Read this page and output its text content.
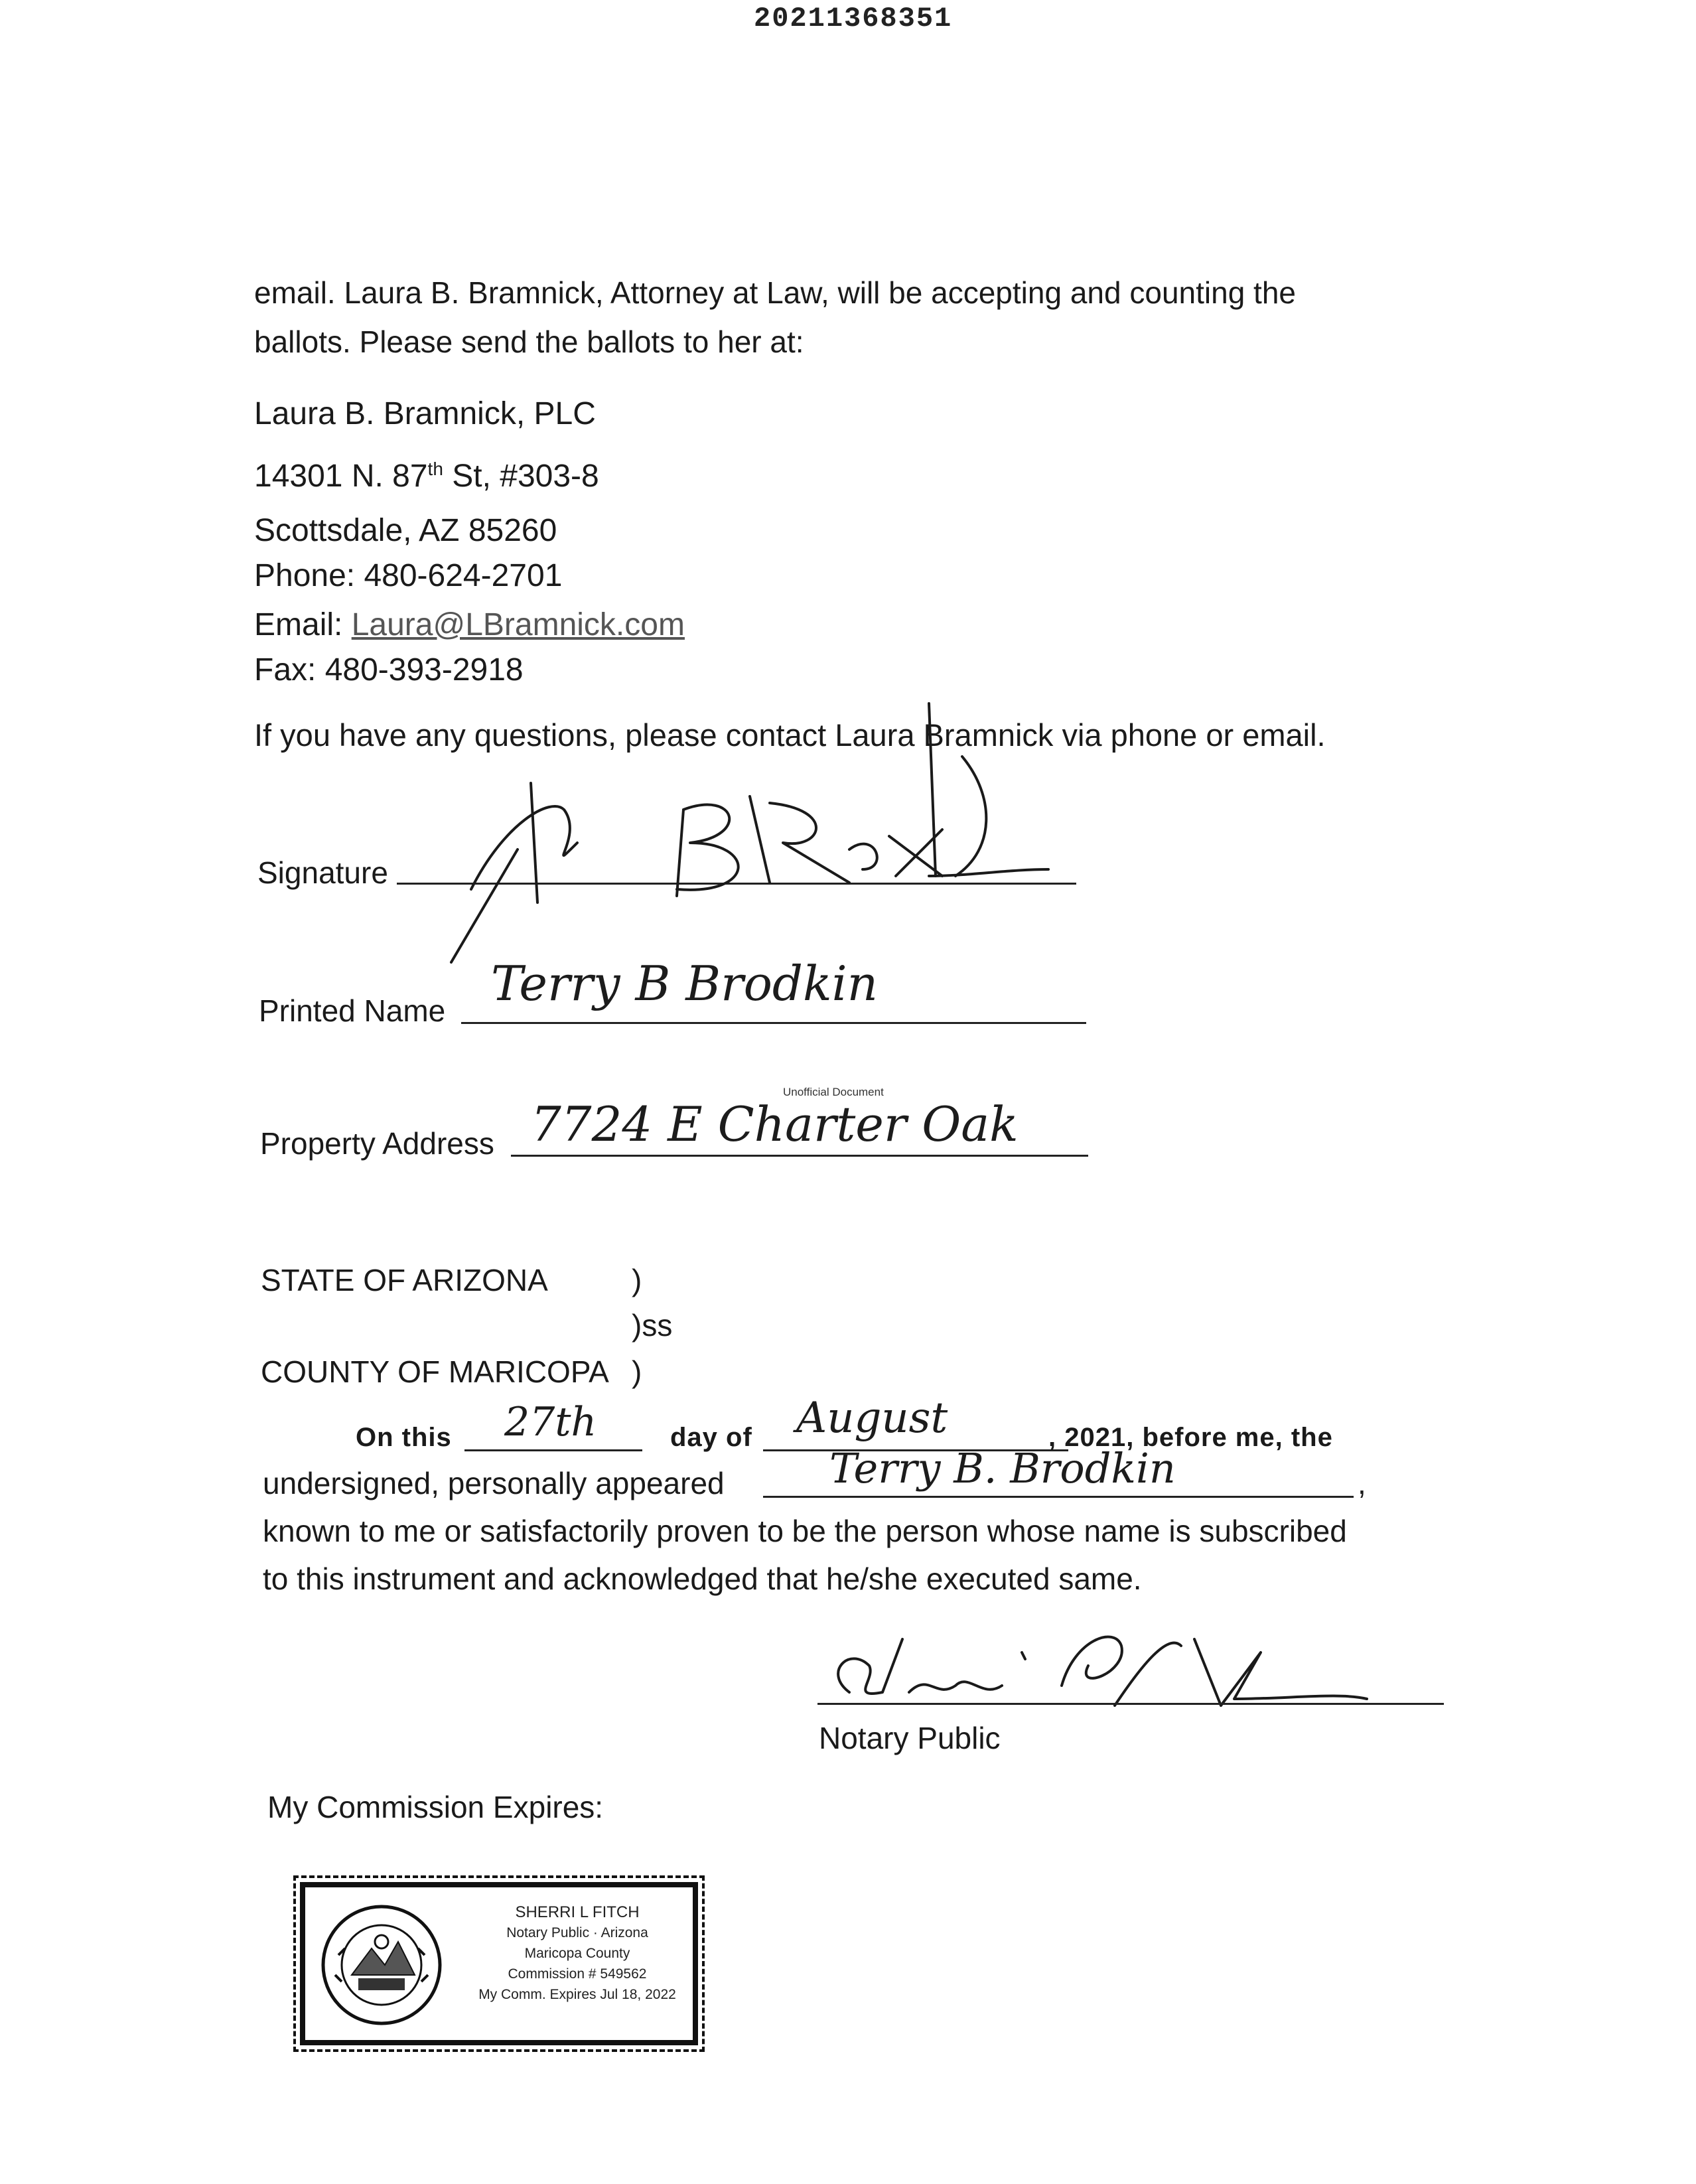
20211368351
email. Laura B. Bramnick, Attorney at Law, will be accepting and counting the
ballots. Please send the ballots to her at:
Laura B. Bramnick, PLC
14301 N. 87th St, #303-8
Scottsdale, AZ 85260
Phone: 480-624-2701
Email: Laura@LBramnick.com
Fax: 480-393-2918
If you have any questions, please contact Laura Bramnick via phone or email.
Signature
Printed Name Terry B Brodkin
Unofficial Document
Property Address 7724 E Charter Oak
STATE OF ARIZONA	)
)ss
COUNTY OF MARICOPA )
On this 27th	day of August	, 2021, before me, the
undersigned, personally appeared	Terry B. Brodkin	,
known to me or satisfactorily proven to be the person whose name is subscribed
to this instrument and acknowledged that he/she executed same.
Notary Public
My Commission Expires:
SHERRI L FITCH
Notary Public · Arizona
Maricopa County
Commission # 549562
My Comm. Expires Jul 18, 2022
